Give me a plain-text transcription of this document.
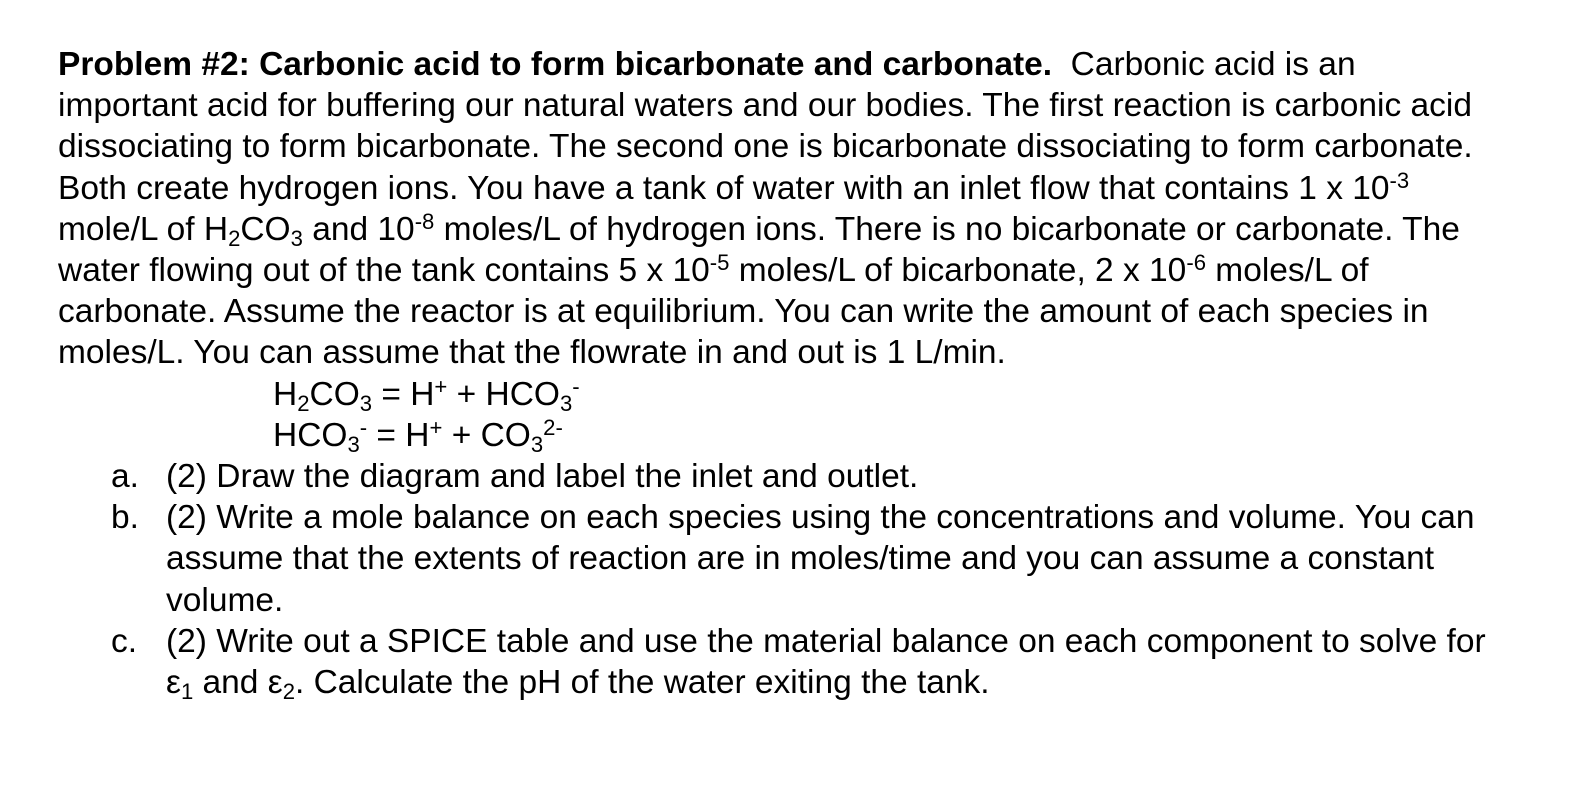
Problem #2: Carbonic acid to form bicarbonate and carbonate. Carbonic acid is an important acid for buffering our natural waters and our bodies. The first reaction is carbonic acid dissociating to form bicarbonate. The second one is bicarbonate dissociating to form carbonate. Both create hydrogen ions. You have a tank of water with an inlet flow that contains 1 x $10^{-3}$ mole/L of $H_2CO_3$ and $10^{-8}$ moles/L of hydrogen ions. There is no bicarbonate or carbonate. The water flowing out of the tank contains 5 x $10^{-5}$ moles/L of bicarbonate, 2 x $10^{-6}$ moles/L of carbonate. Assume the reactor is at equilibrium. You can write the amount of each species in moles/L. You can assume that the flowrate in and out is 1 L/min.

$H_2CO_3 = H^+ + HCO_3^-$
$HCO_3^- = H^+ + CO_3^{2-}$
a. (2) Draw the diagram and label the inlet and outlet.
b. (2) Write a mole balance on each species using the concentrations and volume. You can assume that the extents of reaction are in moles/time and you can assume a constant volume.
c. (2) Write out a SPICE table and use the material balance on each component to solve for $\varepsilon_1$ and $\varepsilon_2$. Calculate the pH of the water exiting the tank.
